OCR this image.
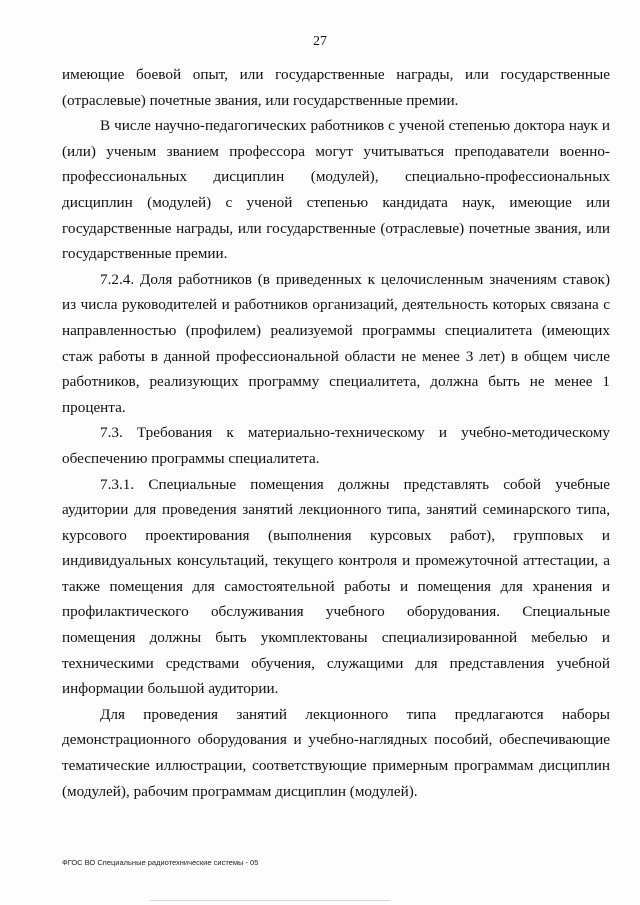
27

имеющие боевой опыт, или государственные награды, или государственные (отраслевые) почетные звания, или государственные премии.

В числе научно-педагогических работников с ученой степенью доктора наук и (или) ученым званием профессора могут учитываться преподаватели военно-профессиональных дисциплин (модулей), специально-профессиональных дисциплин (модулей) с ученой степенью кандидата наук, имеющие или государственные награды, или государственные (отраслевые) почетные звания, или государственные премии.

7.2.4. Доля работников (в приведенных к целочисленным значениям ставок) из числа руководителей и работников организаций, деятельность которых связана с направленностью (профилем) реализуемой программы специалитета (имеющих стаж работы в данной профессиональной области не менее 3 лет) в общем числе работников, реализующих программу специалитета, должна быть не менее 1 процента.

7.3. Требования к материально-техническому и учебно-методическому обеспечению программы специалитета.

7.3.1. Специальные помещения должны представлять собой учебные аудитории для проведения занятий лекционного типа, занятий семинарского типа, курсового проектирования (выполнения курсовых работ), групповых и индивидуальных консультаций, текущего контроля и промежуточной аттестации, а также помещения для самостоятельной работы и помещения для хранения и профилактического обслуживания учебного оборудования. Специальные помещения должны быть укомплектованы специализированной мебелью и техническими средствами обучения, служащими для представления учебной информации большой аудитории.

Для проведения занятий лекционного типа предлагаются наборы демонстрационного оборудования и учебно-наглядных пособий, обеспечивающие тематические иллюстрации, соответствующие примерным программам дисциплин (модулей), рабочим программам дисциплин (модулей).

ФГОС ВО Специальные радиотехнические системы - 05
